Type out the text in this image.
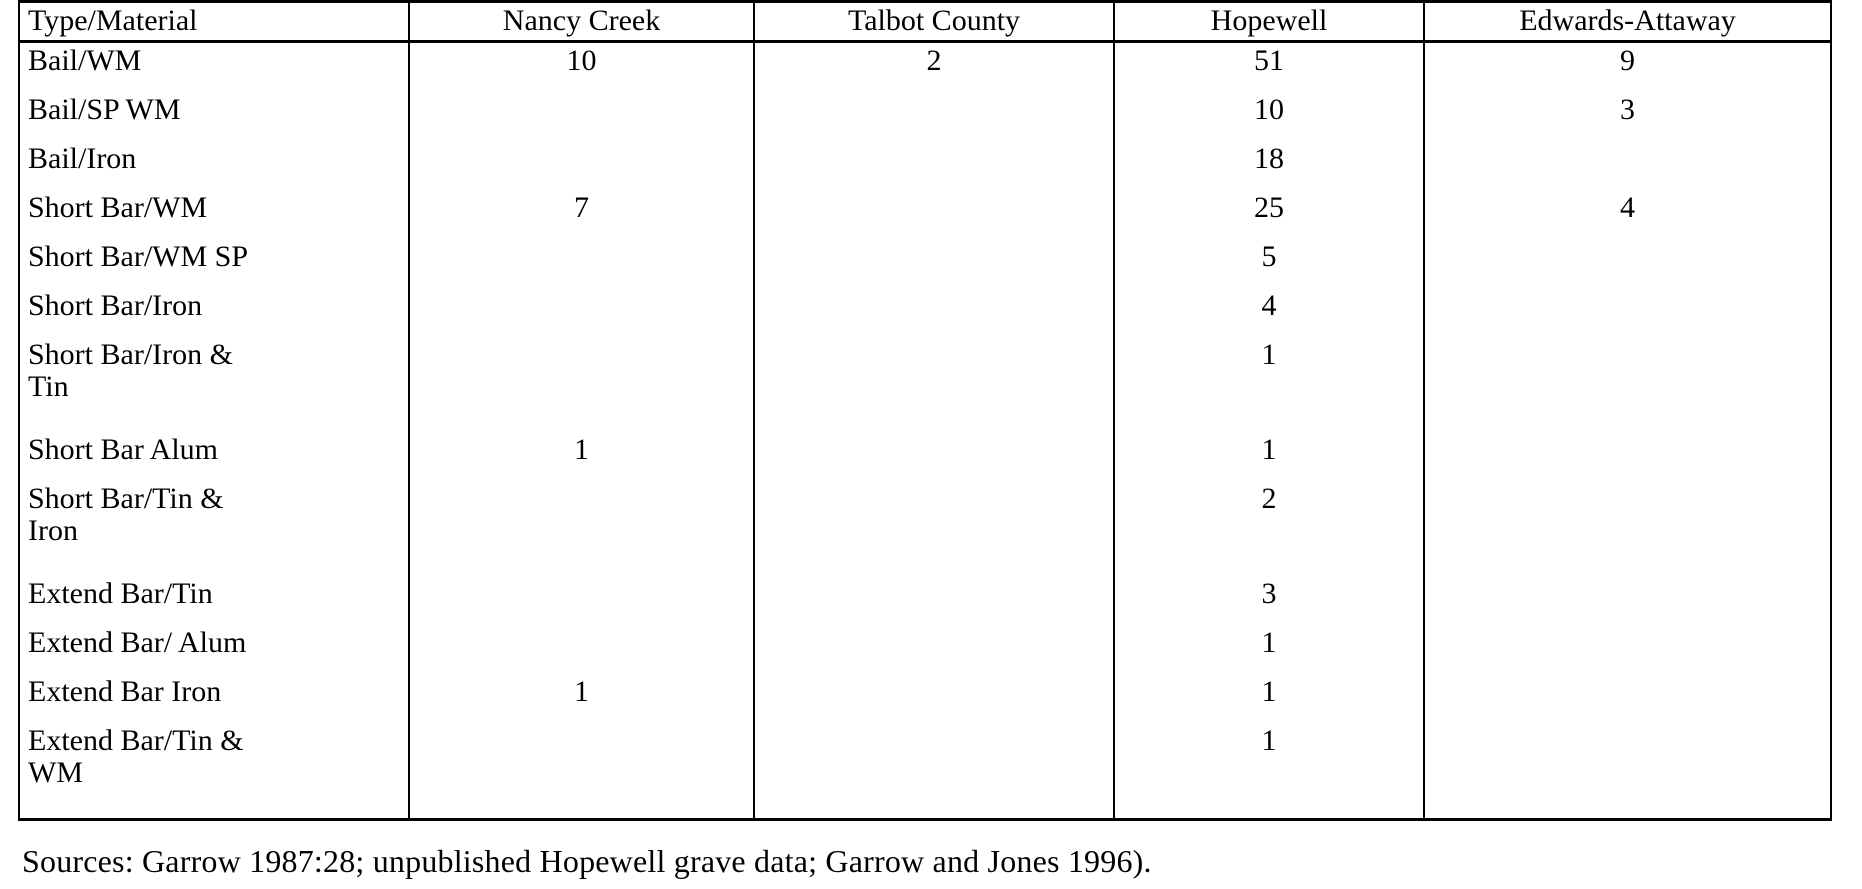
Type/Material	Nancy Creek	Talbot County	Hopewell	Edwards-Attaway

Bail/WM	10	2	51	9

Bail/SP WM			10	3

Bail/Iron			18	

Short Bar/WM	7		25	4

Short Bar/WM SP			5	

Short Bar/Iron			4	

Short Bar/Iron &
Tin			1	

Short Bar Alum	1		1	

Short Bar/Tin &
Iron			2	

Extend Bar/Tin			3	

Extend Bar/ Alum			1	

Extend Bar Iron	1		1	

Extend Bar/Tin &
WM			1	
Sources: Garrow 1987:28; unpublished Hopewell grave data; Garrow and Jones 1996).
